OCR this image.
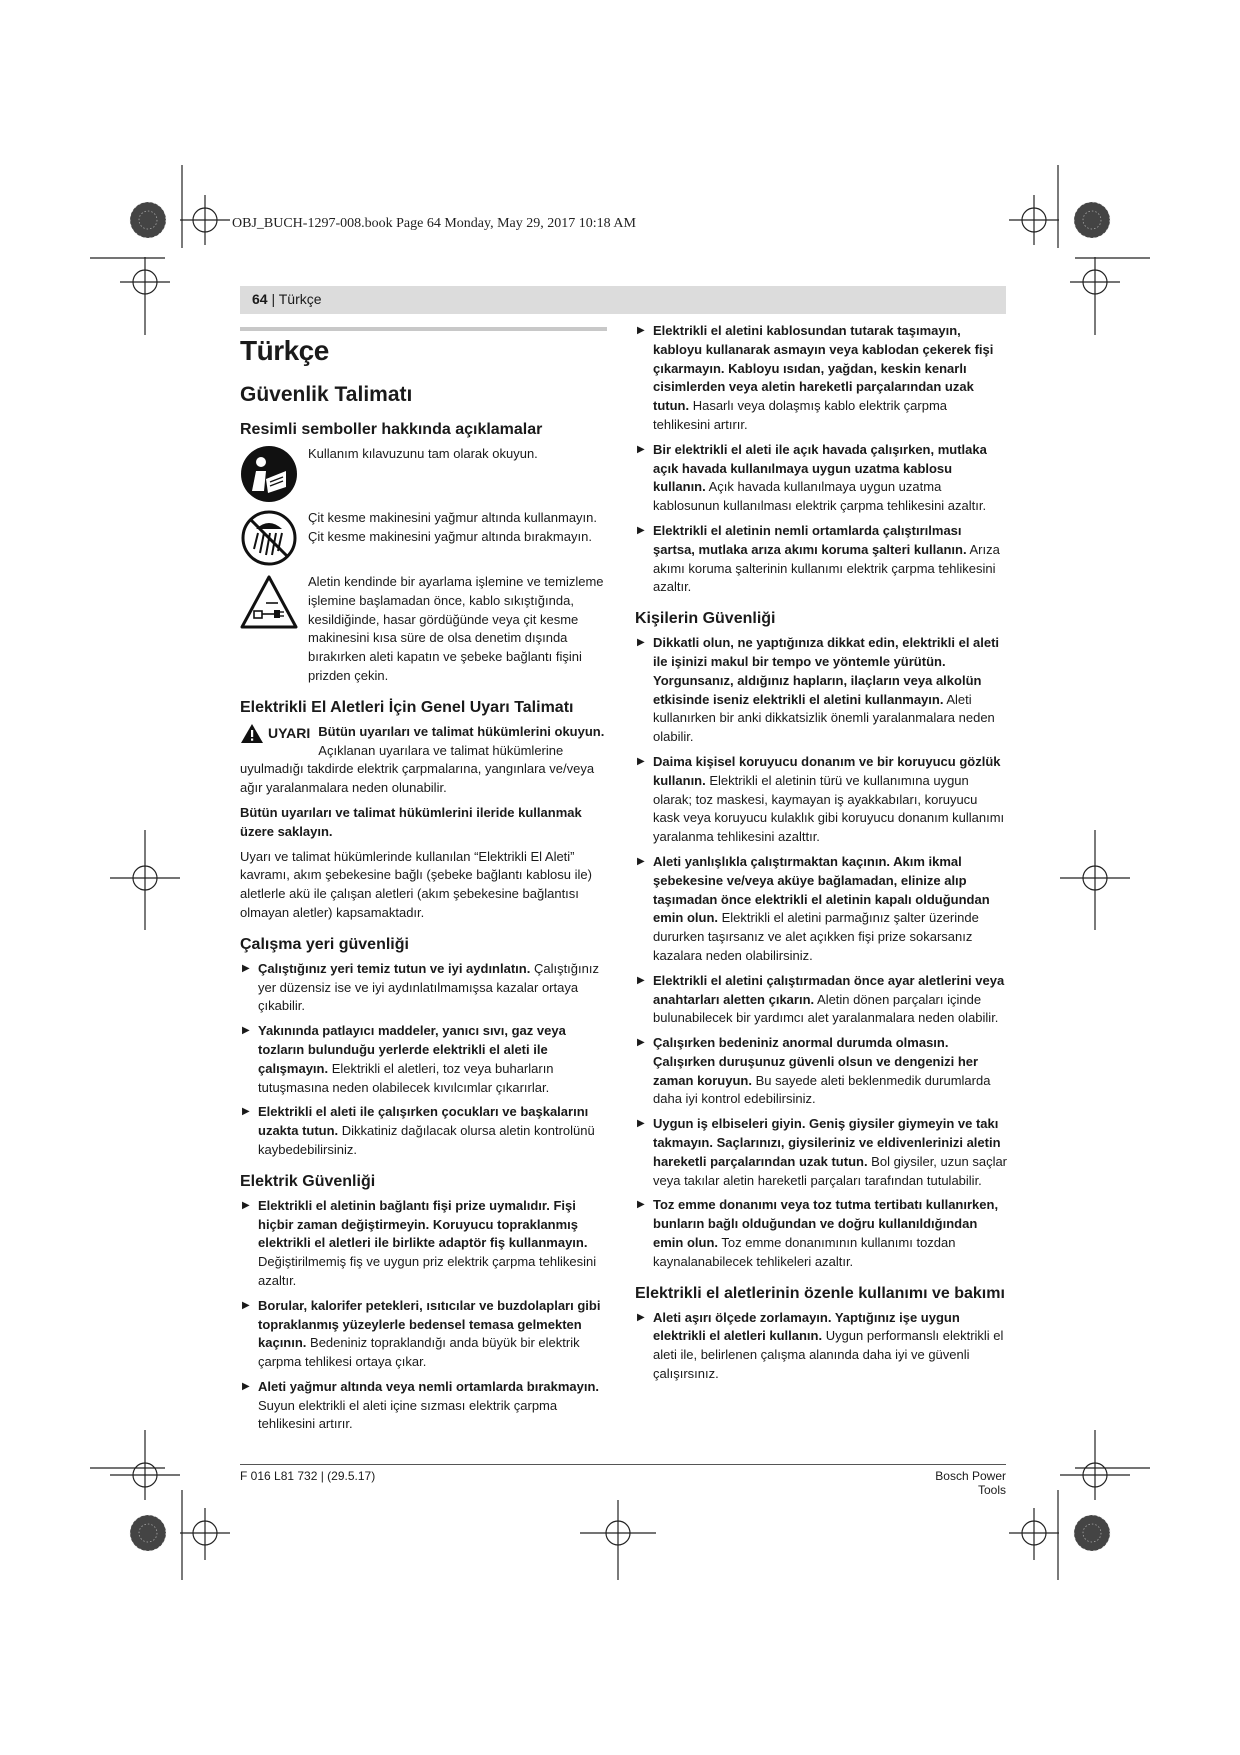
OBJ_BUCH-1297-008.book Page 64 Monday, May 29, 2017 10:18 AM
64 | Türkçe
Türkçe
Güvenlik Talimatı
Resimli semboller hakkında açıklamalar
Kullanım kılavuzunu tam olarak okuyun.
Çit kesme makinesini yağmur altında kullanmayın. Çit kesme makinesini yağmur altında bırakmayın.
Aletin kendinde bir ayarlama işlemine ve temizleme işlemine başlamadan önce, kablo sıkıştığında, kesildiğinde, hasar gördüğünde veya çit kesme makinesini kısa süre de olsa denetim dışında bırakırken aleti kapatın ve şebeke bağlantı fişini prizden çekin.
Elektrikli El Aletleri İçin Genel Uyarı Talimatı

UYARI Bütün uyarıları ve talimat hükümlerini okuyun. Açıklanan uyarılara ve talimat hükümlerine uyulmadığı takdirde elektrik çarpmalarına, yangınlara ve/veya ağır yaralanmalara neden olunabilir.

Bütün uyarıları ve talimat hükümlerini ileride kullanmak üzere saklayın.

Uyarı ve talimat hükümlerinde kullanılan “Elektrikli El Aleti” kavramı, akım şebekesine bağlı (şebeke bağlantı kablosu ile) aletlerle akü ile çalışan aletleri (akım şebekesine bağlantısı olmayan aletler) kapsamaktadır.

Çalışma yeri güvenliği
▶ Çalıştığınız yeri temiz tutun ve iyi aydınlatın. Çalıştığınız yer düzensiz ise ve iyi aydınlatılmamışsa kazalar ortaya çıkabilir.
▶ Yakınında patlayıcı maddeler, yanıcı sıvı, gaz veya tozların bulunduğu yerlerde elektrikli el aleti ile çalışmayın. Elektrikli el aletleri, toz veya buharların tutuşmasına neden olabilecek kıvılcımlar çıkarırlar.
▶ Elektrikli el aleti ile çalışırken çocukları ve başkalarını uzakta tutun. Dikkatiniz dağılacak olursa aletin kontrolünü kaybedebilirsiniz.
Elektrik Güvenliği
▶ Elektrikli el aletinin bağlantı fişi prize uymalıdır. Fişi hiçbir zaman değiştirmeyin. Koruyucu topraklanmış elektrikli el aletleri ile birlikte adaptör fiş kullanmayın. Değiştirilmemiş fiş ve uygun priz elektrik çarpma tehlikesini azaltır.
▶ Borular, kalorifer petekleri, ısıtıcılar ve buzdolapları gibi topraklanmış yüzeylerle bedensel temasa gelmekten kaçının. Bedeniniz topraklandığı anda büyük bir elektrik çarpma tehlikesi ortaya çıkar.
▶ Aleti yağmur altında veya nemli ortamlarda bırakmayın. Suyun elektrikli el aleti içine sızması elektrik çarpma tehlikesini artırır.
▶ Elektrikli el aletini kablosundan tutarak taşımayın, kabloyu kullanarak asmayın veya kablodan çekerek fişi çıkarmayın. Kabloyu ısıdan, yağdan, keskin kenarlı cisimlerden veya aletin hareketli parçalarından uzak tutun. Hasarlı veya dolaşmış kablo elektrik çarpma tehlikesini artırır.
▶ Bir elektrikli el aleti ile açık havada çalışırken, mutlaka açık havada kullanılmaya uygun uzatma kablosu kullanın. Açık havada kullanılmaya uygun uzatma kablosunun kullanılması elektrik çarpma tehlikesini azaltır.
▶ Elektrikli el aletinin nemli ortamlarda çalıştırılması şartsa, mutlaka arıza akımı koruma şalteri kullanın. Arıza akımı koruma şalterinin kullanımı elektrik çarpma tehlikesini azaltır.
Kişilerin Güvenliği
▶ Dikkatli olun, ne yaptığınıza dikkat edin, elektrikli el aleti ile işinizi makul bir tempo ve yöntemle yürütün. Yorgunsanız, aldığınız hapların, ilaçların veya alkolün etkisinde iseniz elektrikli el aletini kullanmayın. Aleti kullanırken bir anki dikkatsizlik önemli yaralanmalara neden olabilir.
▶ Daima kişisel koruyucu donanım ve bir koruyucu gözlük kullanın. Elektrikli el aletinin türü ve kullanımına uygun olarak; toz maskesi, kaymayan iş ayakkabıları, koruyucu kask veya koruyucu kulaklık gibi koruyucu donanım kullanımı yaralanma tehlikesini azalttır.
▶ Aleti yanlışlıkla çalıştırmaktan kaçının. Akım ikmal şebekesine ve/veya aküye bağlamadan, elinize alıp taşımadan önce elektrikli el aletinin kapalı olduğundan emin olun. Elektrikli el aletini parmağınız şalter üzerinde dururken taşırsanız ve alet açıkken fişi prize sokarsanız kazalara neden olabilirsiniz.
▶ Elektrikli el aletini çalıştırmadan önce ayar aletlerini veya anahtarları aletten çıkarın. Aletin dönen parçaları içinde bulunabilecek bir yardımcı alet yaralanmalara neden olabilir.
▶ Çalışırken bedeniniz anormal durumda olmasın. Çalışırken duruşunuz güvenli olsun ve dengenizi her zaman koruyun. Bu sayede aleti beklenmedik durumlarda daha iyi kontrol edebilirsiniz.
▶ Uygun iş elbiseleri giyin. Geniş giysiler giymeyin ve takı takmayın. Saçlarınızı, giysileriniz ve eldivenlerinizi aletin hareketli parçalarından uzak tutun. Bol giysiler, uzun saçlar veya takılar aletin hareketli parçaları tarafından tutulabilir.
▶ Toz emme donanımı veya toz tutma tertibatı kullanırken, bunların bağlı olduğundan ve doğru kullanıldığından emin olun. Toz emme donanımının kullanımı tozdan kaynalanabilecek tehlikeleri azaltır.
Elektrikli el aletlerinin özenle kullanımı ve bakımı
▶ Aleti aşırı ölçede zorlamayın. Yaptığınız işe uygun elektrikli el aletleri kullanın. Uygun performanslı elektrikli el aleti ile, belirlenen çalışma alanında daha iyi ve güvenli çalışırsınız.
F 016 L81 732 | (29.5.17)	Bosch Power Tools
